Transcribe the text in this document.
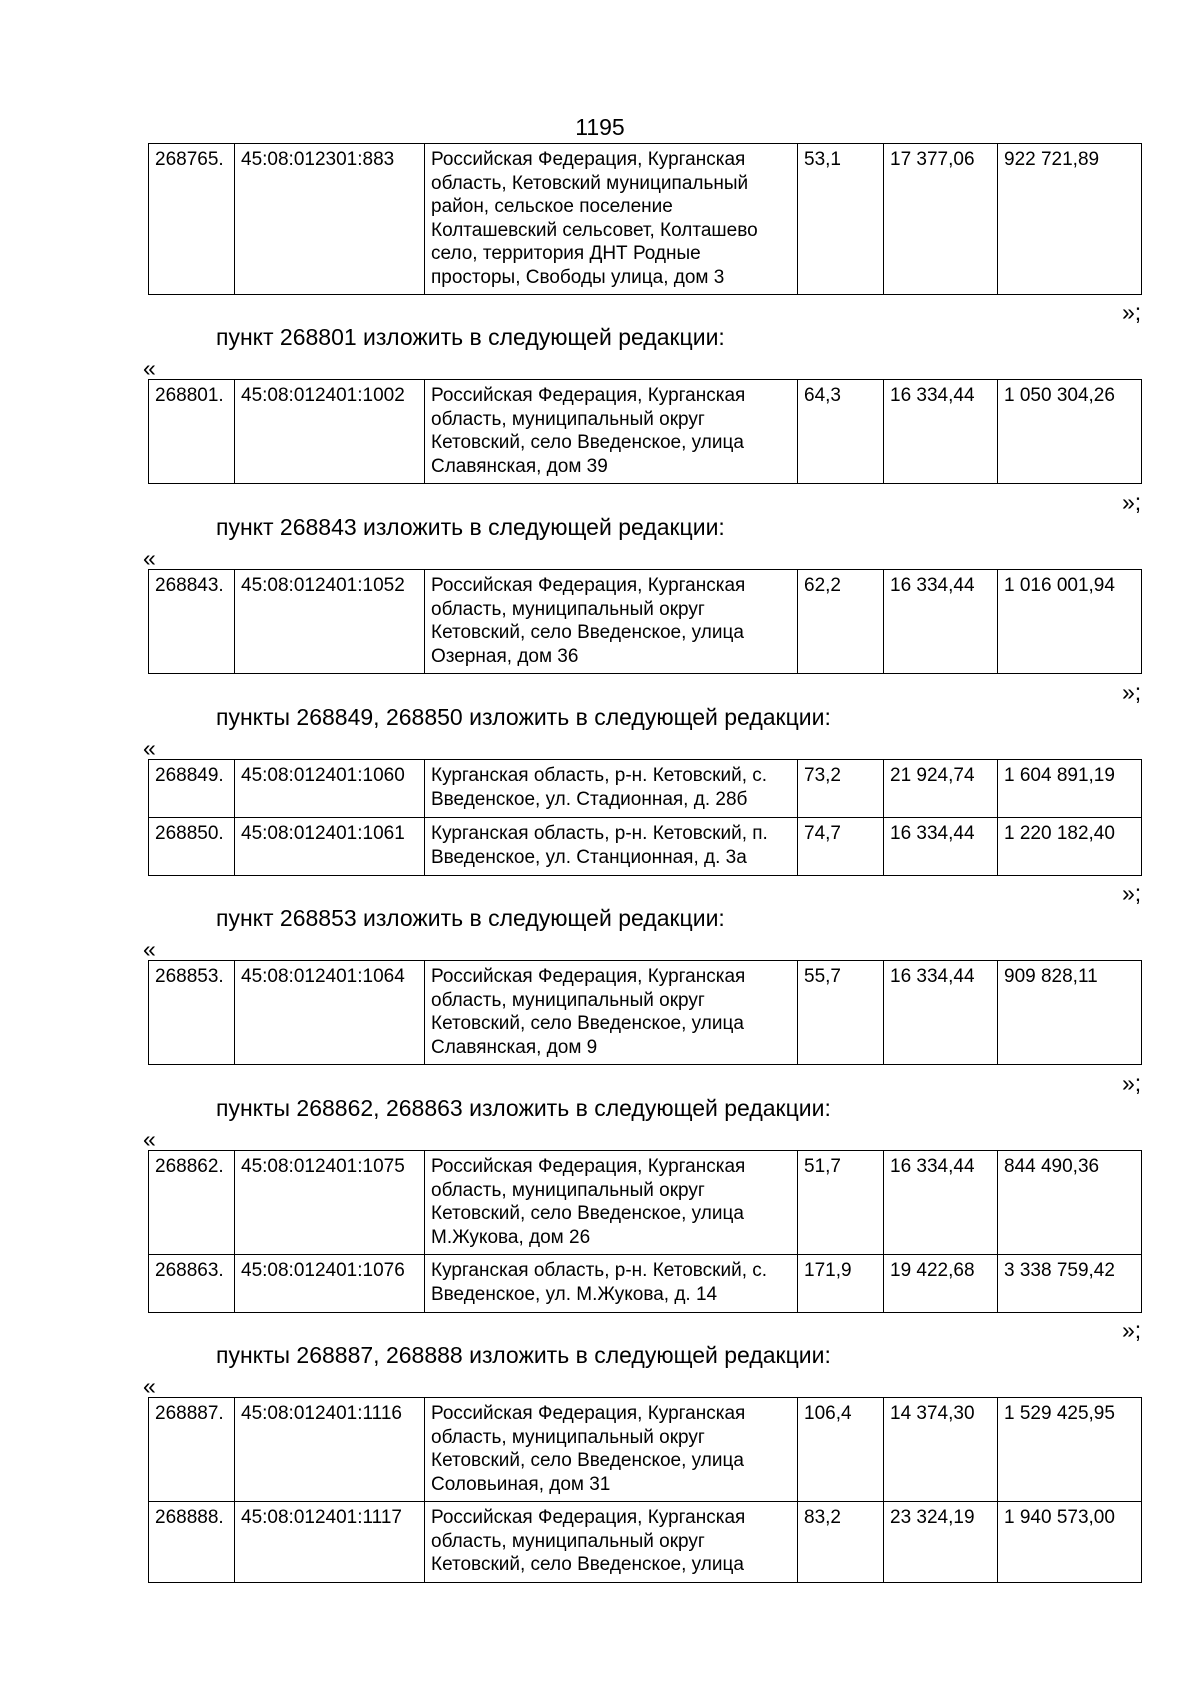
1195
268765.	45:08:012301:883	Российская Федерация, Курганская область, Кетовский муниципальный район, сельское поселение Колташевский сельсовет, Колташево село, территория ДНТ Родные просторы, Свободы улица, дом 3	53,1	17 377,06	922 721,89
»;
пункт 268801 изложить в следующей редакции:
«
268801.	45:08:012401:1002	Российская Федерация, Курганская область, муниципальный округ Кетовский, село Введенское, улица Славянская, дом 39	64,3	16 334,44	1 050 304,26
»;
пункт 268843 изложить в следующей редакции:
«
268843.	45:08:012401:1052	Российская Федерация, Курганская область, муниципальный округ Кетовский, село Введенское, улица Озерная, дом 36	62,2	16 334,44	1 016 001,94
»;
пункты 268849, 268850 изложить в следующей редакции:
«
268849.	45:08:012401:1060	Курганская область, р-н. Кетовский, с. Введенское, ул. Стадионная, д. 28б	73,2	21 924,74	1 604 891,19
268850.	45:08:012401:1061	Курганская область, р-н. Кетовский, п. Введенское, ул. Станционная, д. 3а	74,7	16 334,44	1 220 182,40
»;
пункт 268853 изложить в следующей редакции:
«
268853.	45:08:012401:1064	Российская Федерация, Курганская область, муниципальный округ Кетовский, село Введенское, улица Славянская, дом 9	55,7	16 334,44	909 828,11
»;
пункты 268862, 268863 изложить в следующей редакции:
«
268862.	45:08:012401:1075	Российская Федерация, Курганская область, муниципальный округ Кетовский, село Введенское, улица М.Жукова, дом 26	51,7	16 334,44	844 490,36
268863.	45:08:012401:1076	Курганская область, р-н. Кетовский, с. Введенское, ул. М.Жукова, д. 14	171,9	19 422,68	3 338 759,42
»;
пункты 268887, 268888 изложить в следующей редакции:
«
268887.	45:08:012401:1116	Российская Федерация, Курганская область, муниципальный округ Кетовский, село Введенское, улица Соловьиная, дом 31	106,4	14 374,30	1 529 425,95
268888.	45:08:012401:1117	Российская Федерация, Курганская область, муниципальный округ Кетовский, село Введенское, улица	83,2	23 324,19	1 940 573,00
